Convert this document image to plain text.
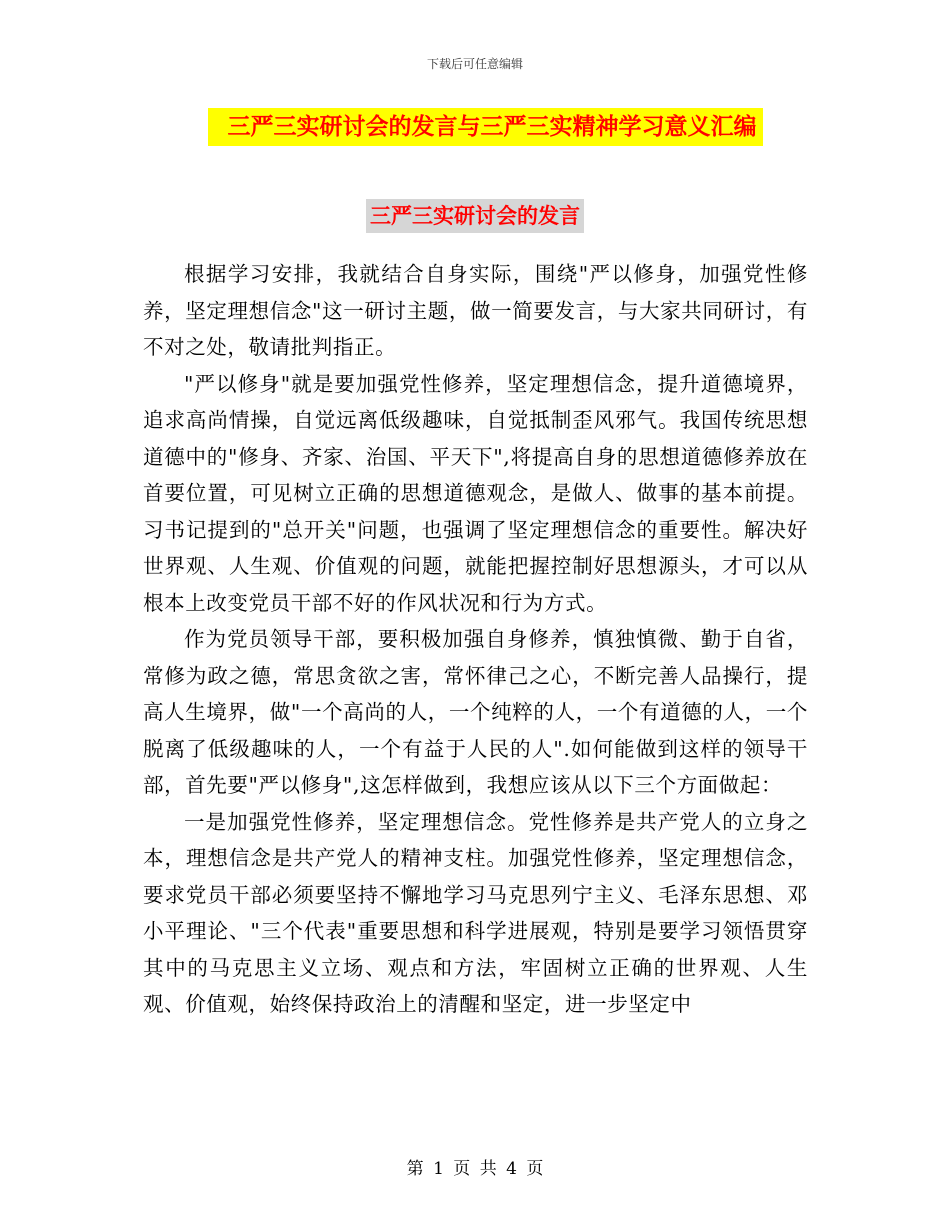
下载后可任意编辑
三严三实研讨会的发言与三严三实精神学习意义汇编
三严三实研讨会的发言

根据学习安排，我就结合自身实际，围绕"严以修身，加强党性修养，坚定理想信念"这一研讨主题，做一简要发言，与大家共同研讨，有不对之处，敬请批判指正。

"严以修身"就是要加强党性修养，坚定理想信念，提升道德境界，追求高尚情操，自觉远离低级趣味，自觉抵制歪风邪气。我国传统思想道德中的"修身、齐家、治国、平天下",将提高自身的思想道德修养放在首要位置，可见树立正确的思想道德观念，是做人、做事的基本前提。习书记提到的"总开关"问题，也强调了坚定理想信念的重要性。解决好世界观、人生观、价值观的问题，就能把握控制好思想源头，才可以从根本上改变党员干部不好的作风状况和行为方式。

作为党员领导干部，要积极加强自身修养，慎独慎微、勤于自省，常修为政之德，常思贪欲之害，常怀律己之心，不断完善人品操行，提高人生境界，做"一个高尚的人，一个纯粹的人，一个有道德的人，一个脱离了低级趣味的人，一个有益于人民的人".如何能做到这样的领导干部，首先要"严以修身",这怎样做到，我想应该从以下三个方面做起：

一是加强党性修养，坚定理想信念。党性修养是共产党人的立身之本，理想信念是共产党人的精神支柱。加强党性修养，坚定理想信念，要求党员干部必须要坚持不懈地学习马克思列宁主义、毛泽东思想、邓小平理论、"三个代表"重要思想和科学进展观，特别是要学习领悟贯穿其中的马克思主义立场、观点和方法，牢固树立正确的世界观、人生观、价值观，始终保持政治上的清醒和坚定，进一步坚定中

第 1 页 共 4 页
